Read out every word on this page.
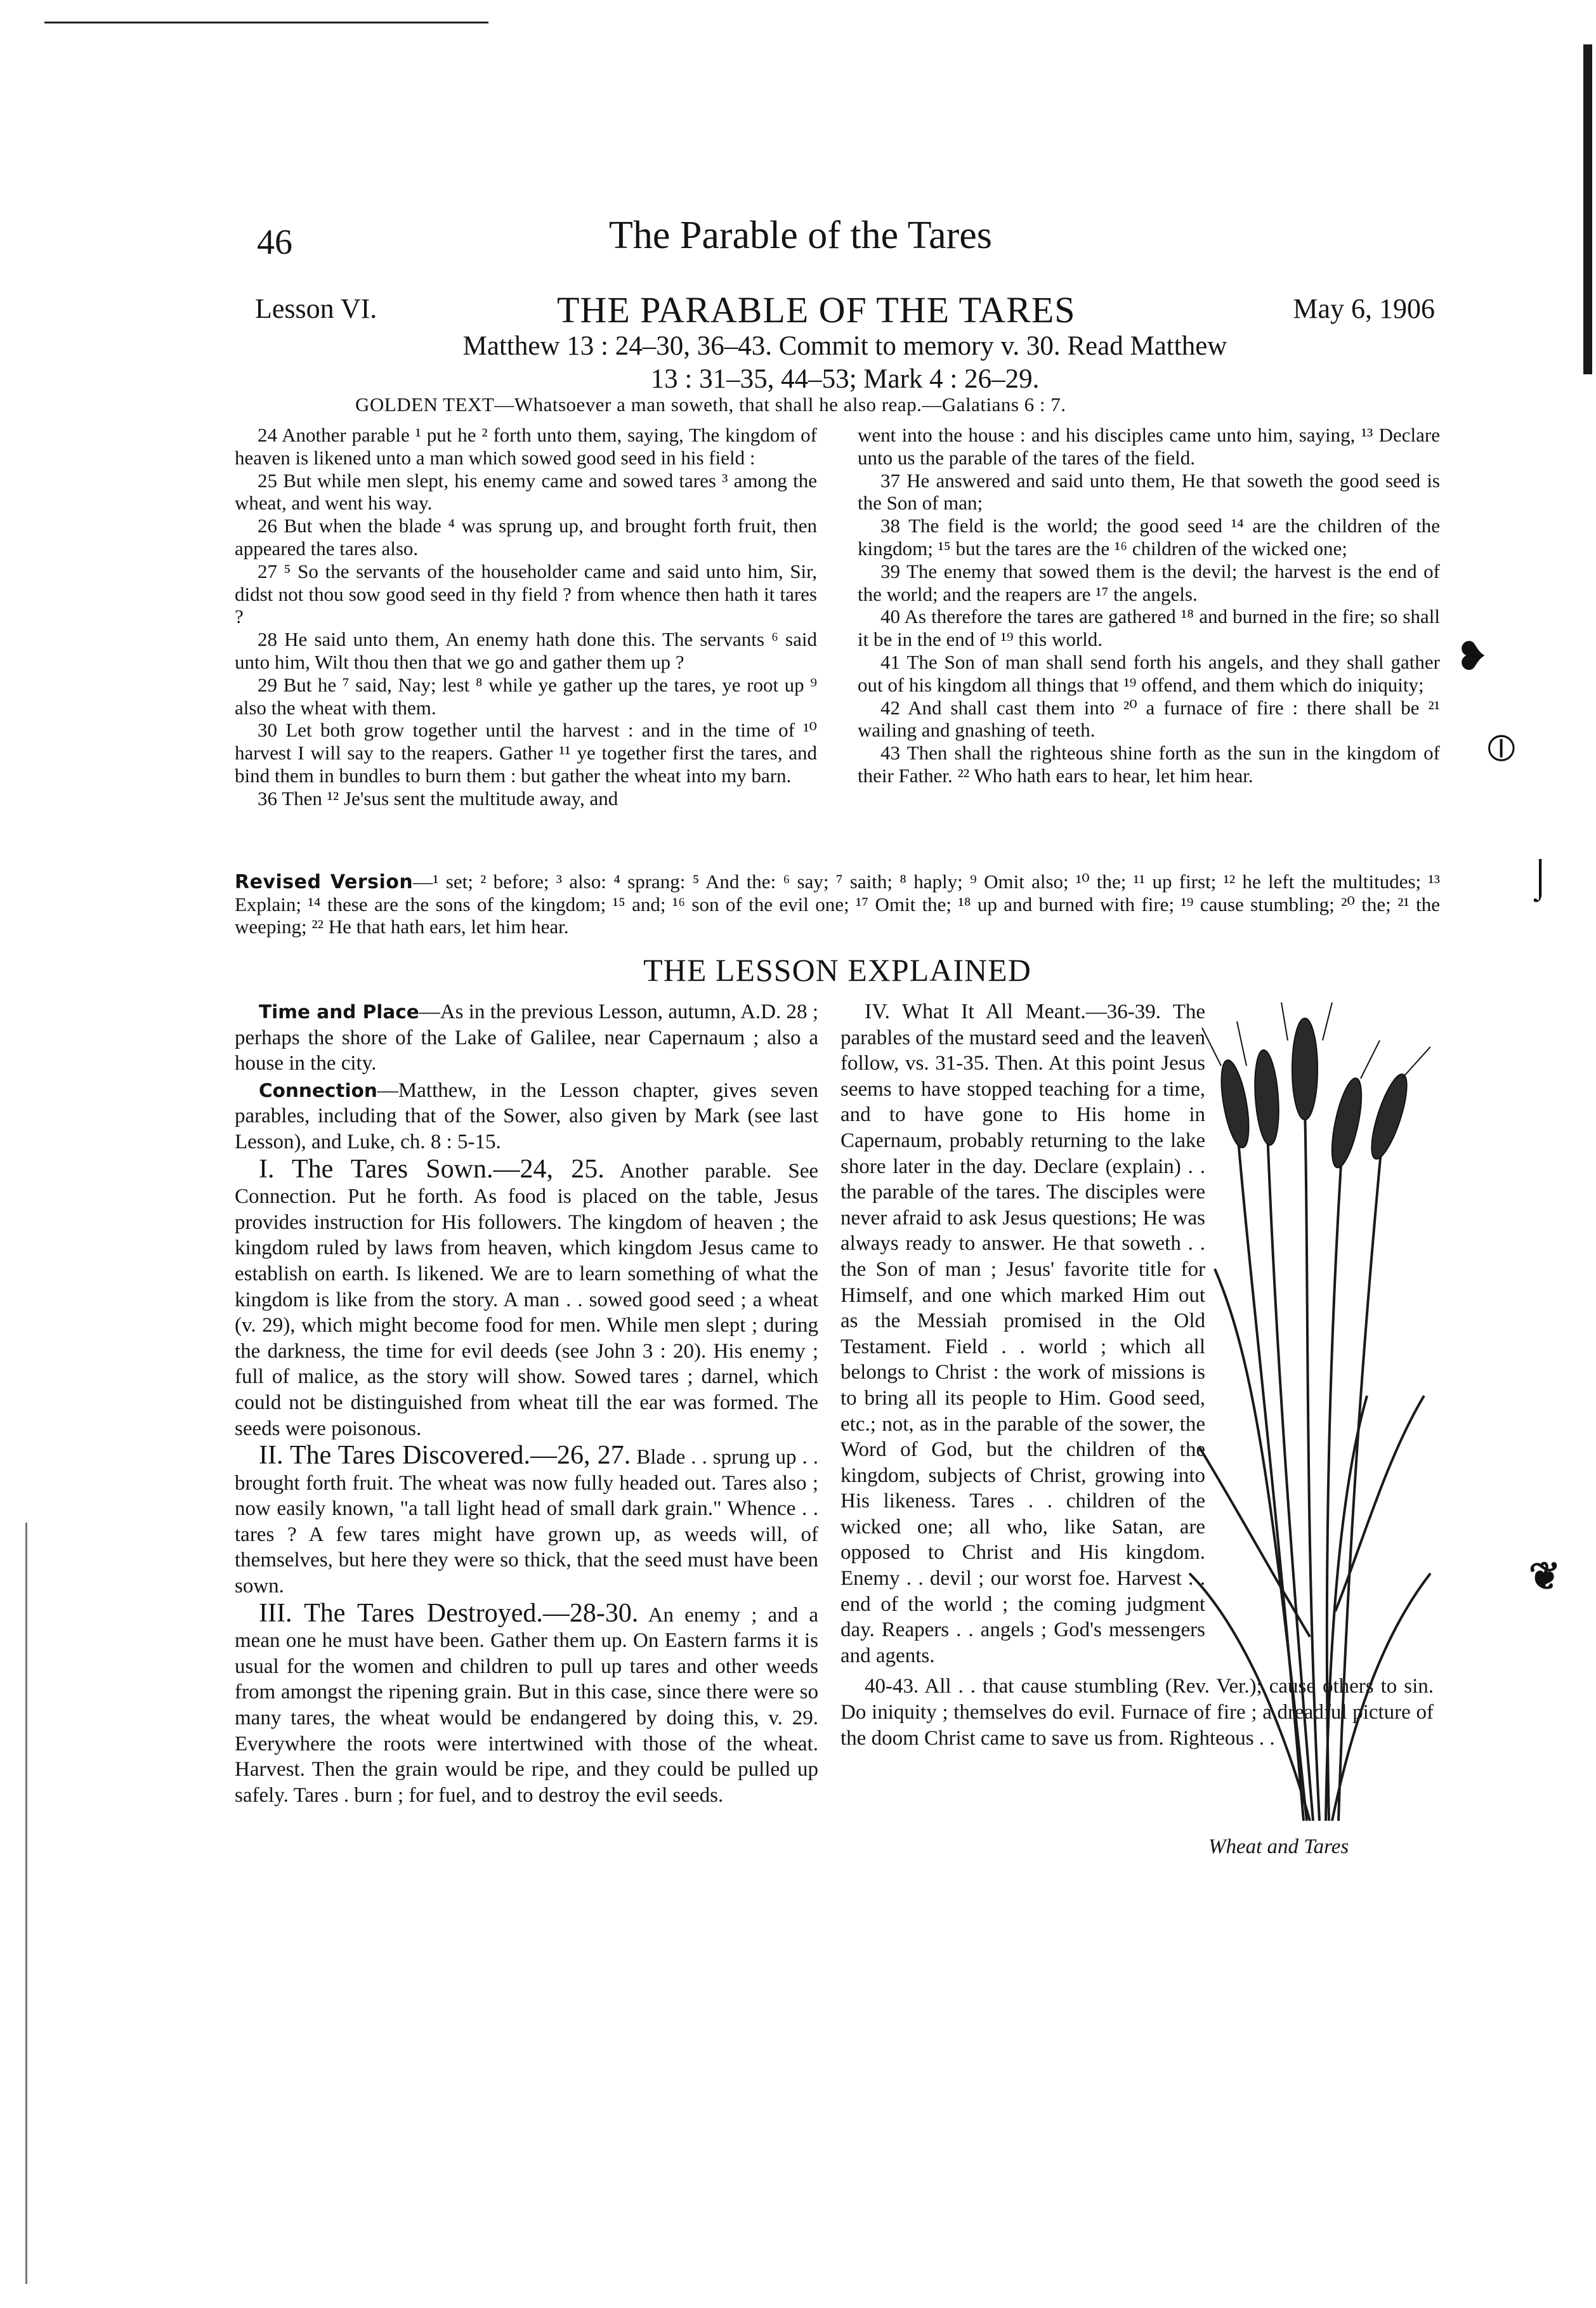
❥
⦶
⌡
❦
46	The Parable of the Tares
Lesson VI.	THE PARABLE OF THE TARES	May 6, 1906
Matthew 13 : 24–30, 36–43. Commit to memory v. 30. Read Matthew
13 : 31–35, 44–53; Mark 4 : 26–29.
GOLDEN TEXT—Whatsoever a man soweth, that shall he also reap.—Galatians 6 : 7.

24 Another parable ¹ put he ² forth unto them, saying, The kingdom of heaven is likened unto a man which sowed good seed in his field :

25 But while men slept, his enemy came and sowed tares ³ among the wheat, and went his way.

26 But when the blade ⁴ was sprung up, and brought forth fruit, then appeared the tares also.

27 ⁵ So the servants of the householder came and said unto him, Sir, didst not thou sow good seed in thy field ? from whence then hath it tares ?

28 He said unto them, An enemy hath done this. The servants ⁶ said unto him, Wilt thou then that we go and gather them up ?

29 But he ⁷ said, Nay; lest ⁸ while ye gather up the tares, ye root up ⁹ also the wheat with them.

30 Let both grow together until the harvest : and in the time of ¹⁰ harvest I will say to the reapers. Gather ¹¹ ye together first the tares, and bind them in bundles to burn them : but gather the wheat into my barn.

36 Then ¹² Je'sus sent the multitude away, and

went into the house : and his disciples came unto him, saying, ¹³ Declare unto us the parable of the tares of the field.

37 He answered and said unto them, He that soweth the good seed is the Son of man;

38 The field is the world; the good seed ¹⁴ are the children of the kingdom; ¹⁵ but the tares are the ¹⁶ children of the wicked one;

39 The enemy that sowed them is the devil; the harvest is the end of the world; and the reapers are ¹⁷ the angels.

40 As therefore the tares are gathered ¹⁸ and burned in the fire; so shall it be in the end of ¹⁹ this world.

41 The Son of man shall send forth his angels, and they shall gather out of his kingdom all things that ¹⁹ offend, and them which do iniquity;

42 And shall cast them into ²⁰ a furnace of fire : there shall be ²¹ wailing and gnashing of teeth.

43 Then shall the righteous shine forth as the sun in the kingdom of their Father. ²² Who hath ears to hear, let him hear.

Revised Version—¹ set; ² before; ³ also: ⁴ sprang: ⁵ And the: ⁶ say; ⁷ saith; ⁸ haply; ⁹ Omit also; ¹⁰ the; ¹¹ up first; ¹² he left the multitudes; ¹³ Explain; ¹⁴ these are the sons of the kingdom; ¹⁵ and; ¹⁶ son of the evil one; ¹⁷ Omit the; ¹⁸ up and burned with fire; ¹⁹ cause stumbling; ²⁰ the; ²¹ the weeping; ²² He that hath ears, let him hear.
THE LESSON EXPLAINED

Time and Place—As in the previous Lesson, autumn, A.D. 28 ; perhaps the shore of the Lake of Galilee, near Capernaum ; also a house in the city.

Connection—Matthew, in the Lesson chapter, gives seven parables, including that of the Sower, also given by Mark (see last Lesson), and Luke, ch. 8 : 5-15.

I. The Tares Sown.—24, 25. Another parable. See Connection. Put he forth. As food is placed on the table, Jesus provides instruction for His followers. The kingdom of heaven ; the kingdom ruled by laws from heaven, which kingdom Jesus came to establish on earth. Is likened. We are to learn something of what the kingdom is like from the story. A man . . sowed good seed ; a wheat (v. 29), which might become food for men. While men slept ; during the darkness, the time for evil deeds (see John 3 : 20). His enemy ; full of malice, as the story will show. Sowed tares ; darnel, which could not be distinguished from wheat till the ear was formed. The seeds were poisonous.

II. The Tares Discovered.—26, 27. Blade . . sprung up . . brought forth fruit. The wheat was now fully headed out. Tares also ; now easily known, "a tall light head of small dark grain." Whence . . tares ? A few tares might have grown up, as weeds will, of themselves, but here they were so thick, that the seed must have been sown.

III. The Tares Destroyed.—28-30. An enemy ; and a mean one he must have been. Gather them up. On Eastern farms it is usual for the women and children to pull up tares and other weeds from amongst the ripening grain. But in this case, since there were so many tares, the wheat would be endangered by doing this, v. 29. Everywhere the roots were intertwined with those of the wheat. Harvest. Then the grain would be ripe, and they could be pulled up safely. Tares . burn ; for fuel, and to destroy the evil seeds.

IV. What It All Meant.—36-39. The parables of the mustard seed and the leaven follow, vs. 31-35. Then. At this point Jesus seems to have stopped teaching for a time, and to have gone to His home in Capernaum, probably returning to the lake shore later in the day. Declare (explain) . . the parable of the tares. The disciples were never afraid to ask Jesus questions; He was always ready to answer. He that soweth . . the Son of man ; Jesus' favorite title for Himself, and one which marked Him out as the Messiah promised in the Old Testament. Field . . world ; which all belongs to Christ : the work of missions is to bring all its people to Him. Good seed, etc.; not, as in the parable of the sower, the Word of God, but the children of the kingdom, subjects of Christ, growing into His likeness. Tares . . children of the wicked one; all who, like Satan, are opposed to Christ and His kingdom. Enemy . . devil ; our worst foe. Harvest . . end of the world ; the coming judgment day. Reapers . . angels ; God's messengers and agents.

40-43. All . . that cause stumbling (Rev. Ver.); cause others to sin. Do iniquity ; themselves do evil. Furnace of fire ; a dreadful picture of the doom Christ came to save us from. Righteous . .

Wheat and Tares
